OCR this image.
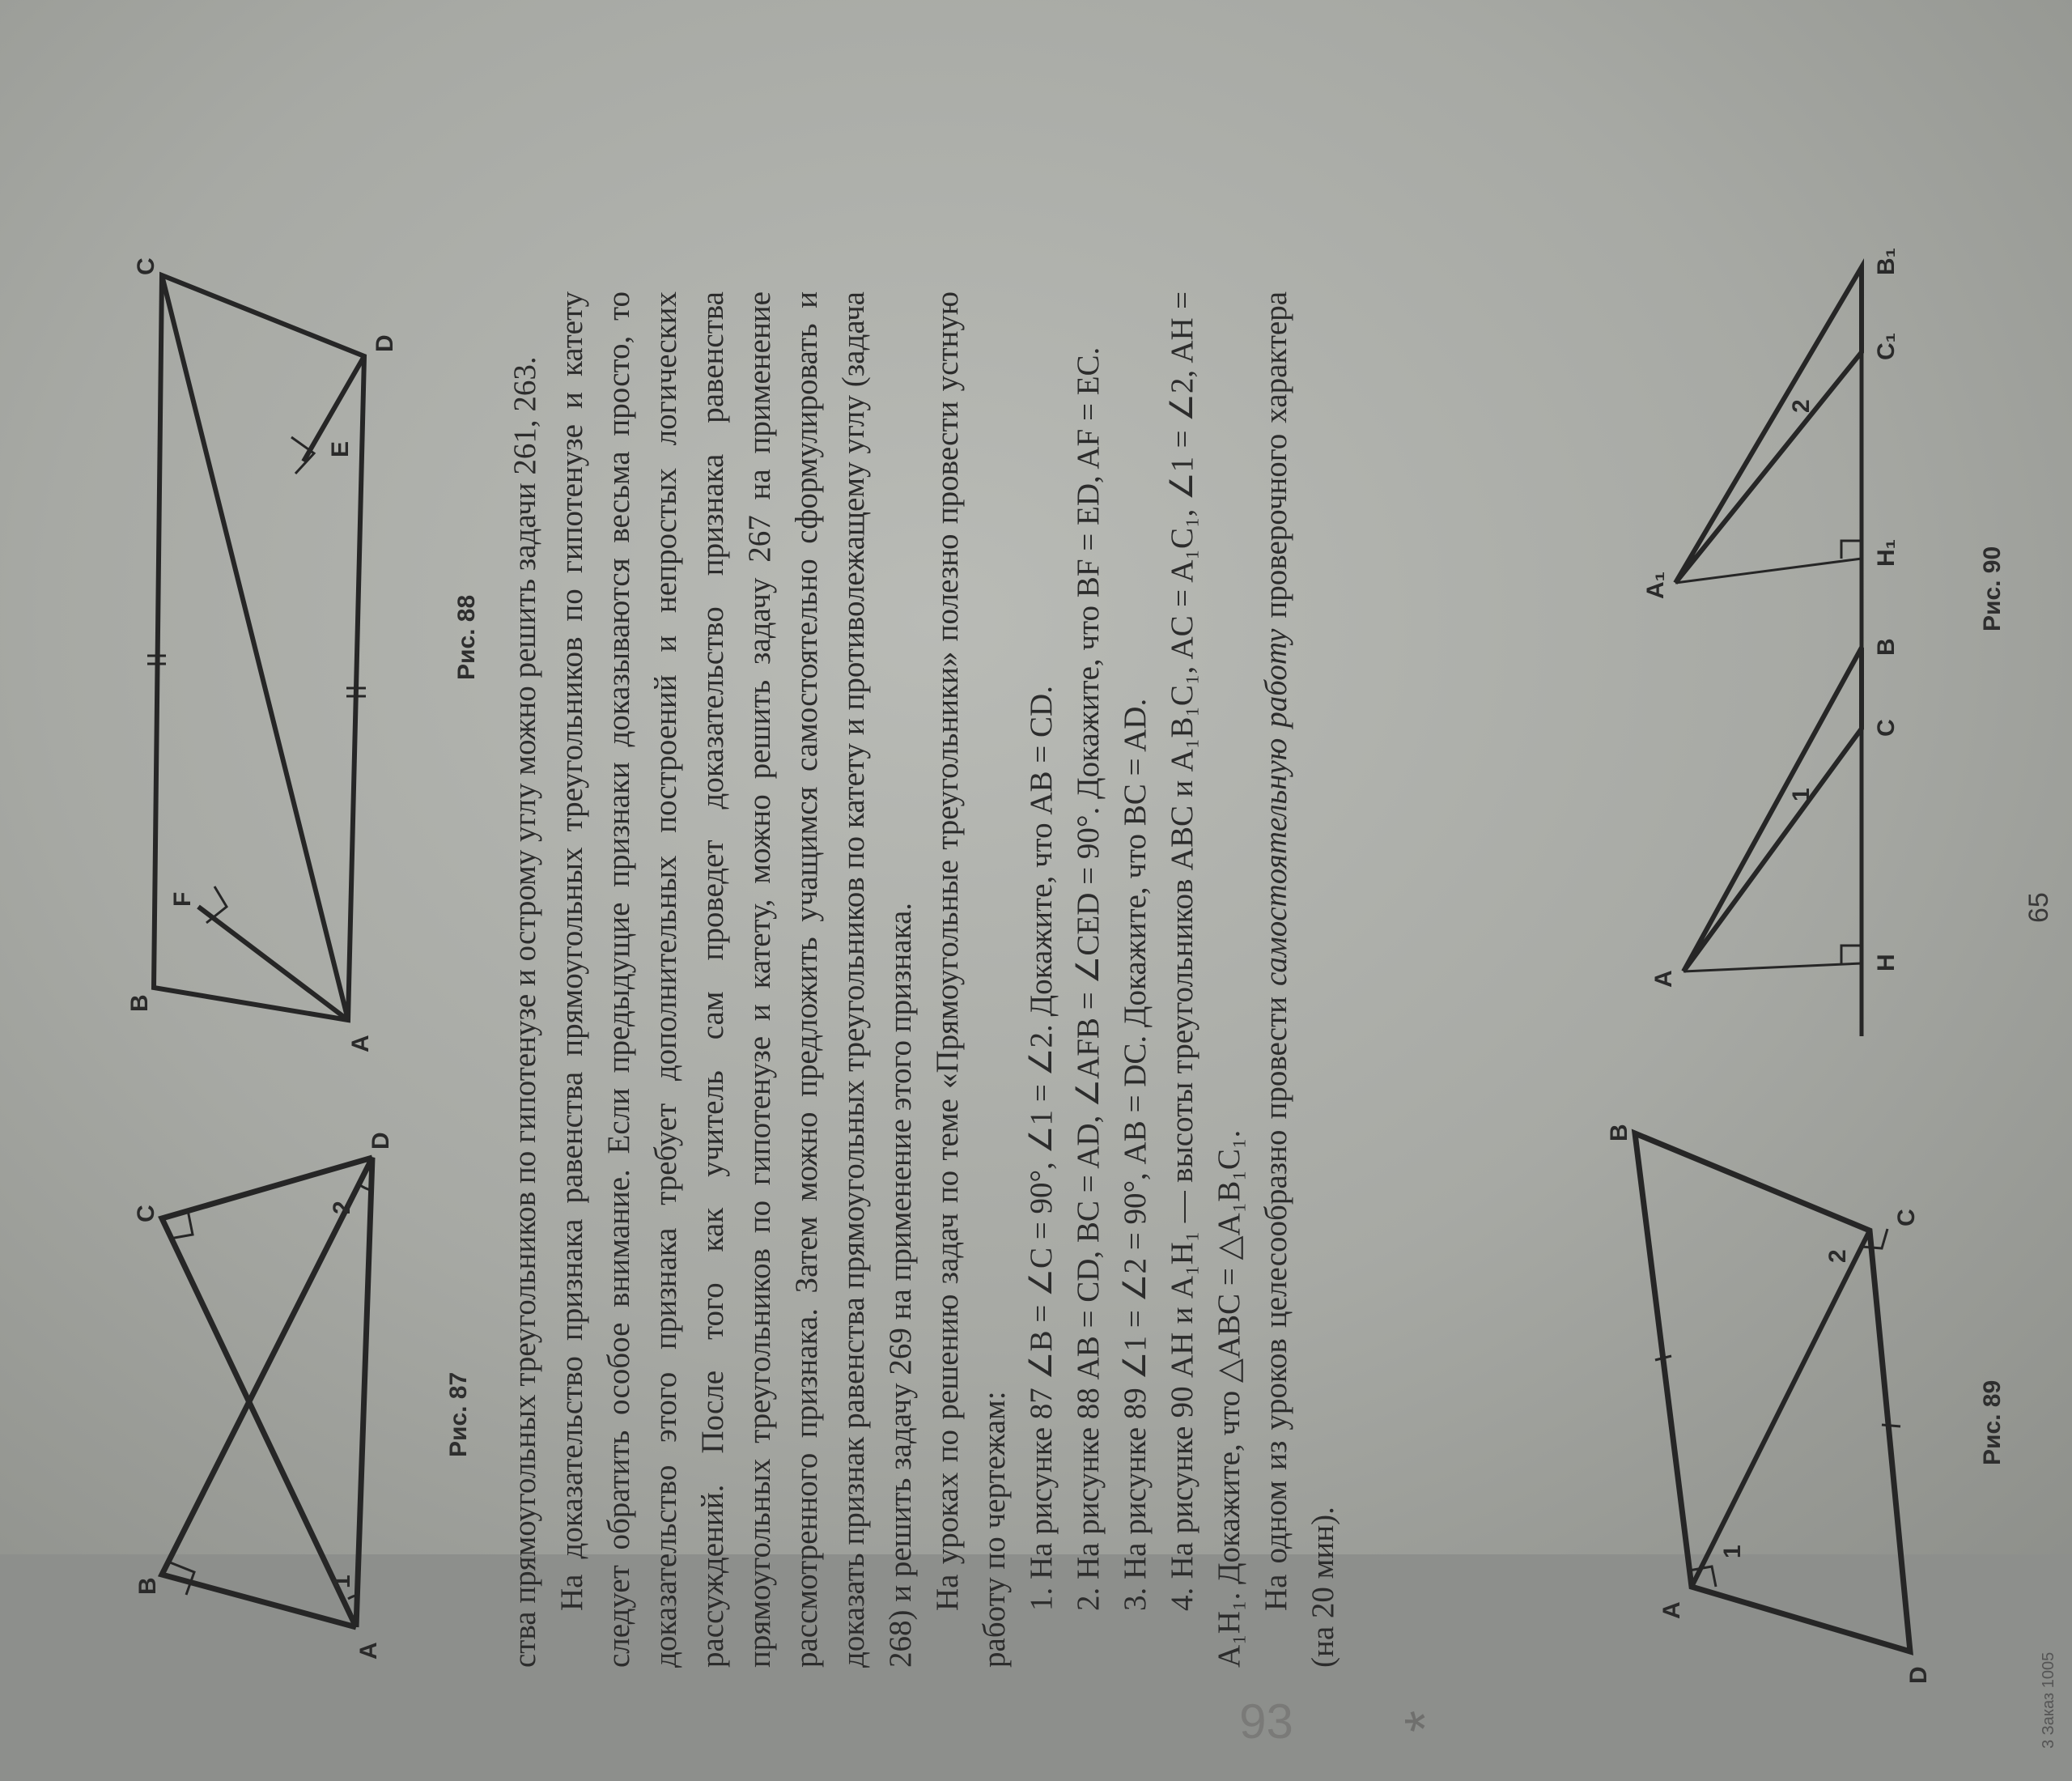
A
B
C
D
1
2
Рис. 87
A
B
C
D
E
F
Рис. 88 ства прямоугольных треугольников по гипотенузе и острому углу можно решить задачи 261, 263. На доказательство признака равенства прямоугольных треугольников по гипотенузе и катету следует обратить особое внимание. Если предыдущие признаки доказываются весьма просто, то доказательство этого признака требует дополнительных построений и непростых логических рассуждений. После того как учитель сам проведет доказательство признака равенства прямоугольных треугольников по гипотенузе и катету, можно решить задачу 267 на применение рассмотренного признака. Затем можно предложить учащимся самостоятельно сформулировать и доказать признак равенства прямоугольных треугольников по катету и противолежащему углу (задача 268) и решить задачу 269 на применение этого признака. На уроках по решению задач по теме «Прямоугольные треугольники» полезно провести устную работу по чертежам: 1. На рисунке 87 ∠B = ∠C = 90°, ∠1 = ∠2. Докажите, что AB = CD. 2. На рисунке 88 AB = CD, BC = AD, ∠AFB = ∠CED = 90°. Докажите, что BF = ED, AF = EC. 3. На рисунке 89 ∠1 = ∠2 = 90°, AB = DC. Докажите, что BC = AD. 4. На рисунке 90 AH и A₁H₁ — высоты треугольников ABC и A₁B₁C₁, AC = A₁C₁, ∠1 = ∠2, AH = A₁H₁. Докажите, что △ABC = △A₁B₁C₁. На одном из уроков целесообразно провести самостоятельную работу проверочного характера (на 20 мин).

93 *
D
A
B
C
1
2
Рис. 89
A
H
C
B
A₁
H₁
C₁
B₁
1
2
Рис. 90
65
3 Заказ 1005
